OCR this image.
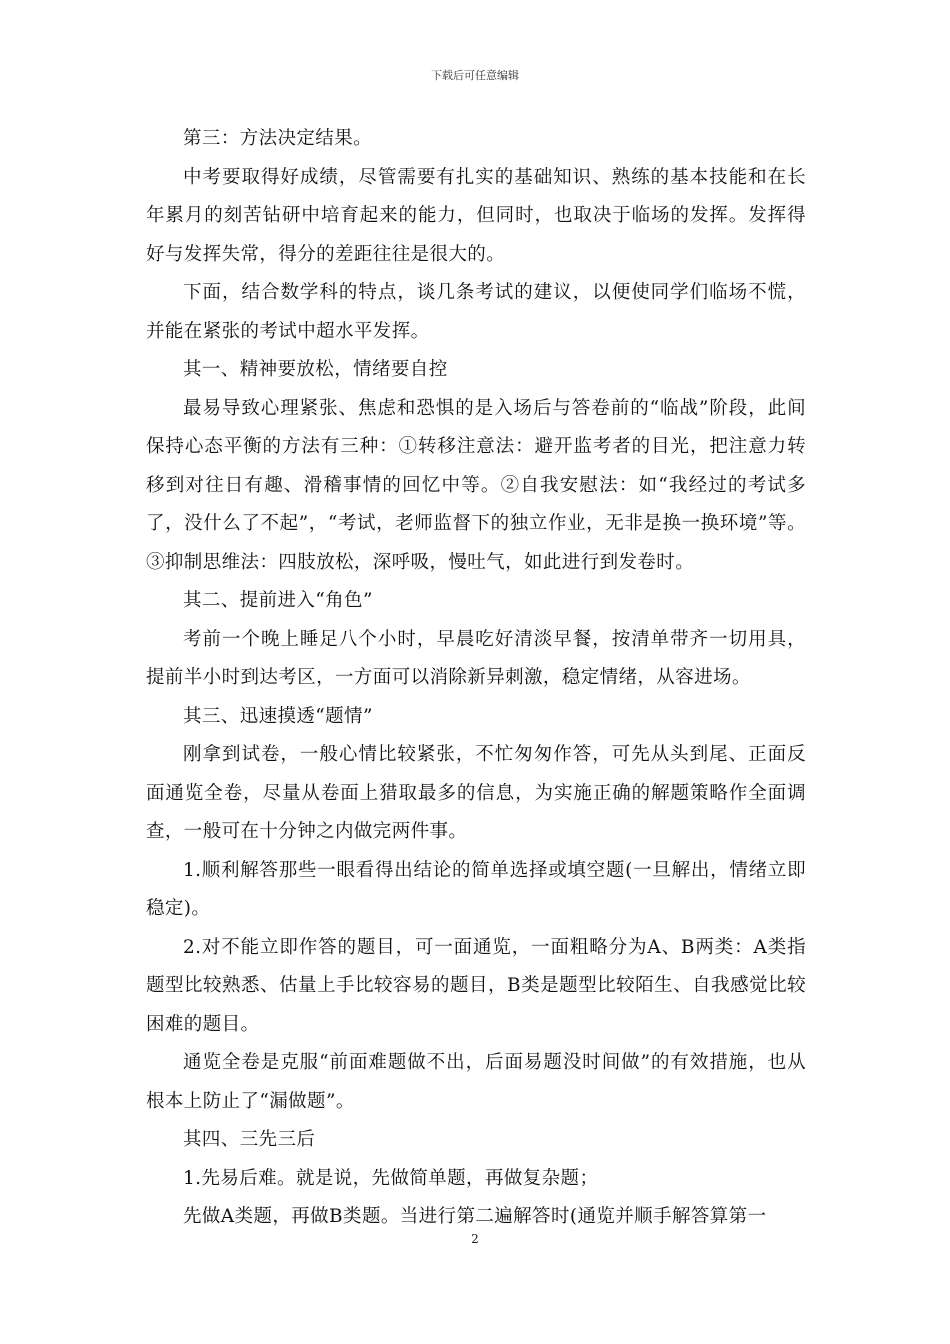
下载后可任意编辑

第三：方法决定结果。

中考要取得好成绩，尽管需要有扎实的基础知识、熟练的基本技能和在长年累月的刻苦钻研中培育起来的能力，但同时，也取决于临场的发挥。发挥得好与发挥失常，得分的差距往往是很大的。

下面，结合数学科的特点，谈几条考试的建议，以便使同学们临场不慌，并能在紧张的考试中超水平发挥。

其一、精神要放松，情绪要自控

最易导致心理紧张、焦虑和恐惧的是入场后与答卷前的“临战”阶段，此间保持心态平衡的方法有三种：①转移注意法：避开监考者的目光，把注意力转移到对往日有趣、滑稽事情的回忆中等。②自我安慰法：如“我经过的考试多了，没什么了不起”，“考试，老师监督下的独立作业，无非是换一换环境”等。③抑制思维法：四肢放松，深呼吸，慢吐气，如此进行到发卷时。

其二、提前进入“角色”

考前一个晚上睡足八个小时，早晨吃好清淡早餐，按清单带齐一切用具，提前半小时到达考区，一方面可以消除新异刺激，稳定情绪，从容进场。

其三、迅速摸透“题情”

刚拿到试卷，一般心情比较紧张，不忙匆匆作答，可先从头到尾、正面反面通览全卷，尽量从卷面上猎取最多的信息，为实施正确的解题策略作全面调查，一般可在十分钟之内做完两件事。

1.顺利解答那些一眼看得出结论的简单选择或填空题(一旦解出，情绪立即稳定)。

2.对不能立即作答的题目，可一面通览，一面粗略分为A、B两类：A类指题型比较熟悉、估量上手比较容易的题目，B类是题型比较陌生、自我感觉比较困难的题目。

通览全卷是克服“前面难题做不出，后面易题没时间做”的有效措施，也从根本上防止了“漏做题”。

其四、三先三后

1.先易后难。就是说，先做简单题，再做复杂题；

先做A类题，再做B类题。当进行第二遍解答时(通览并顺手解答算第一

2
